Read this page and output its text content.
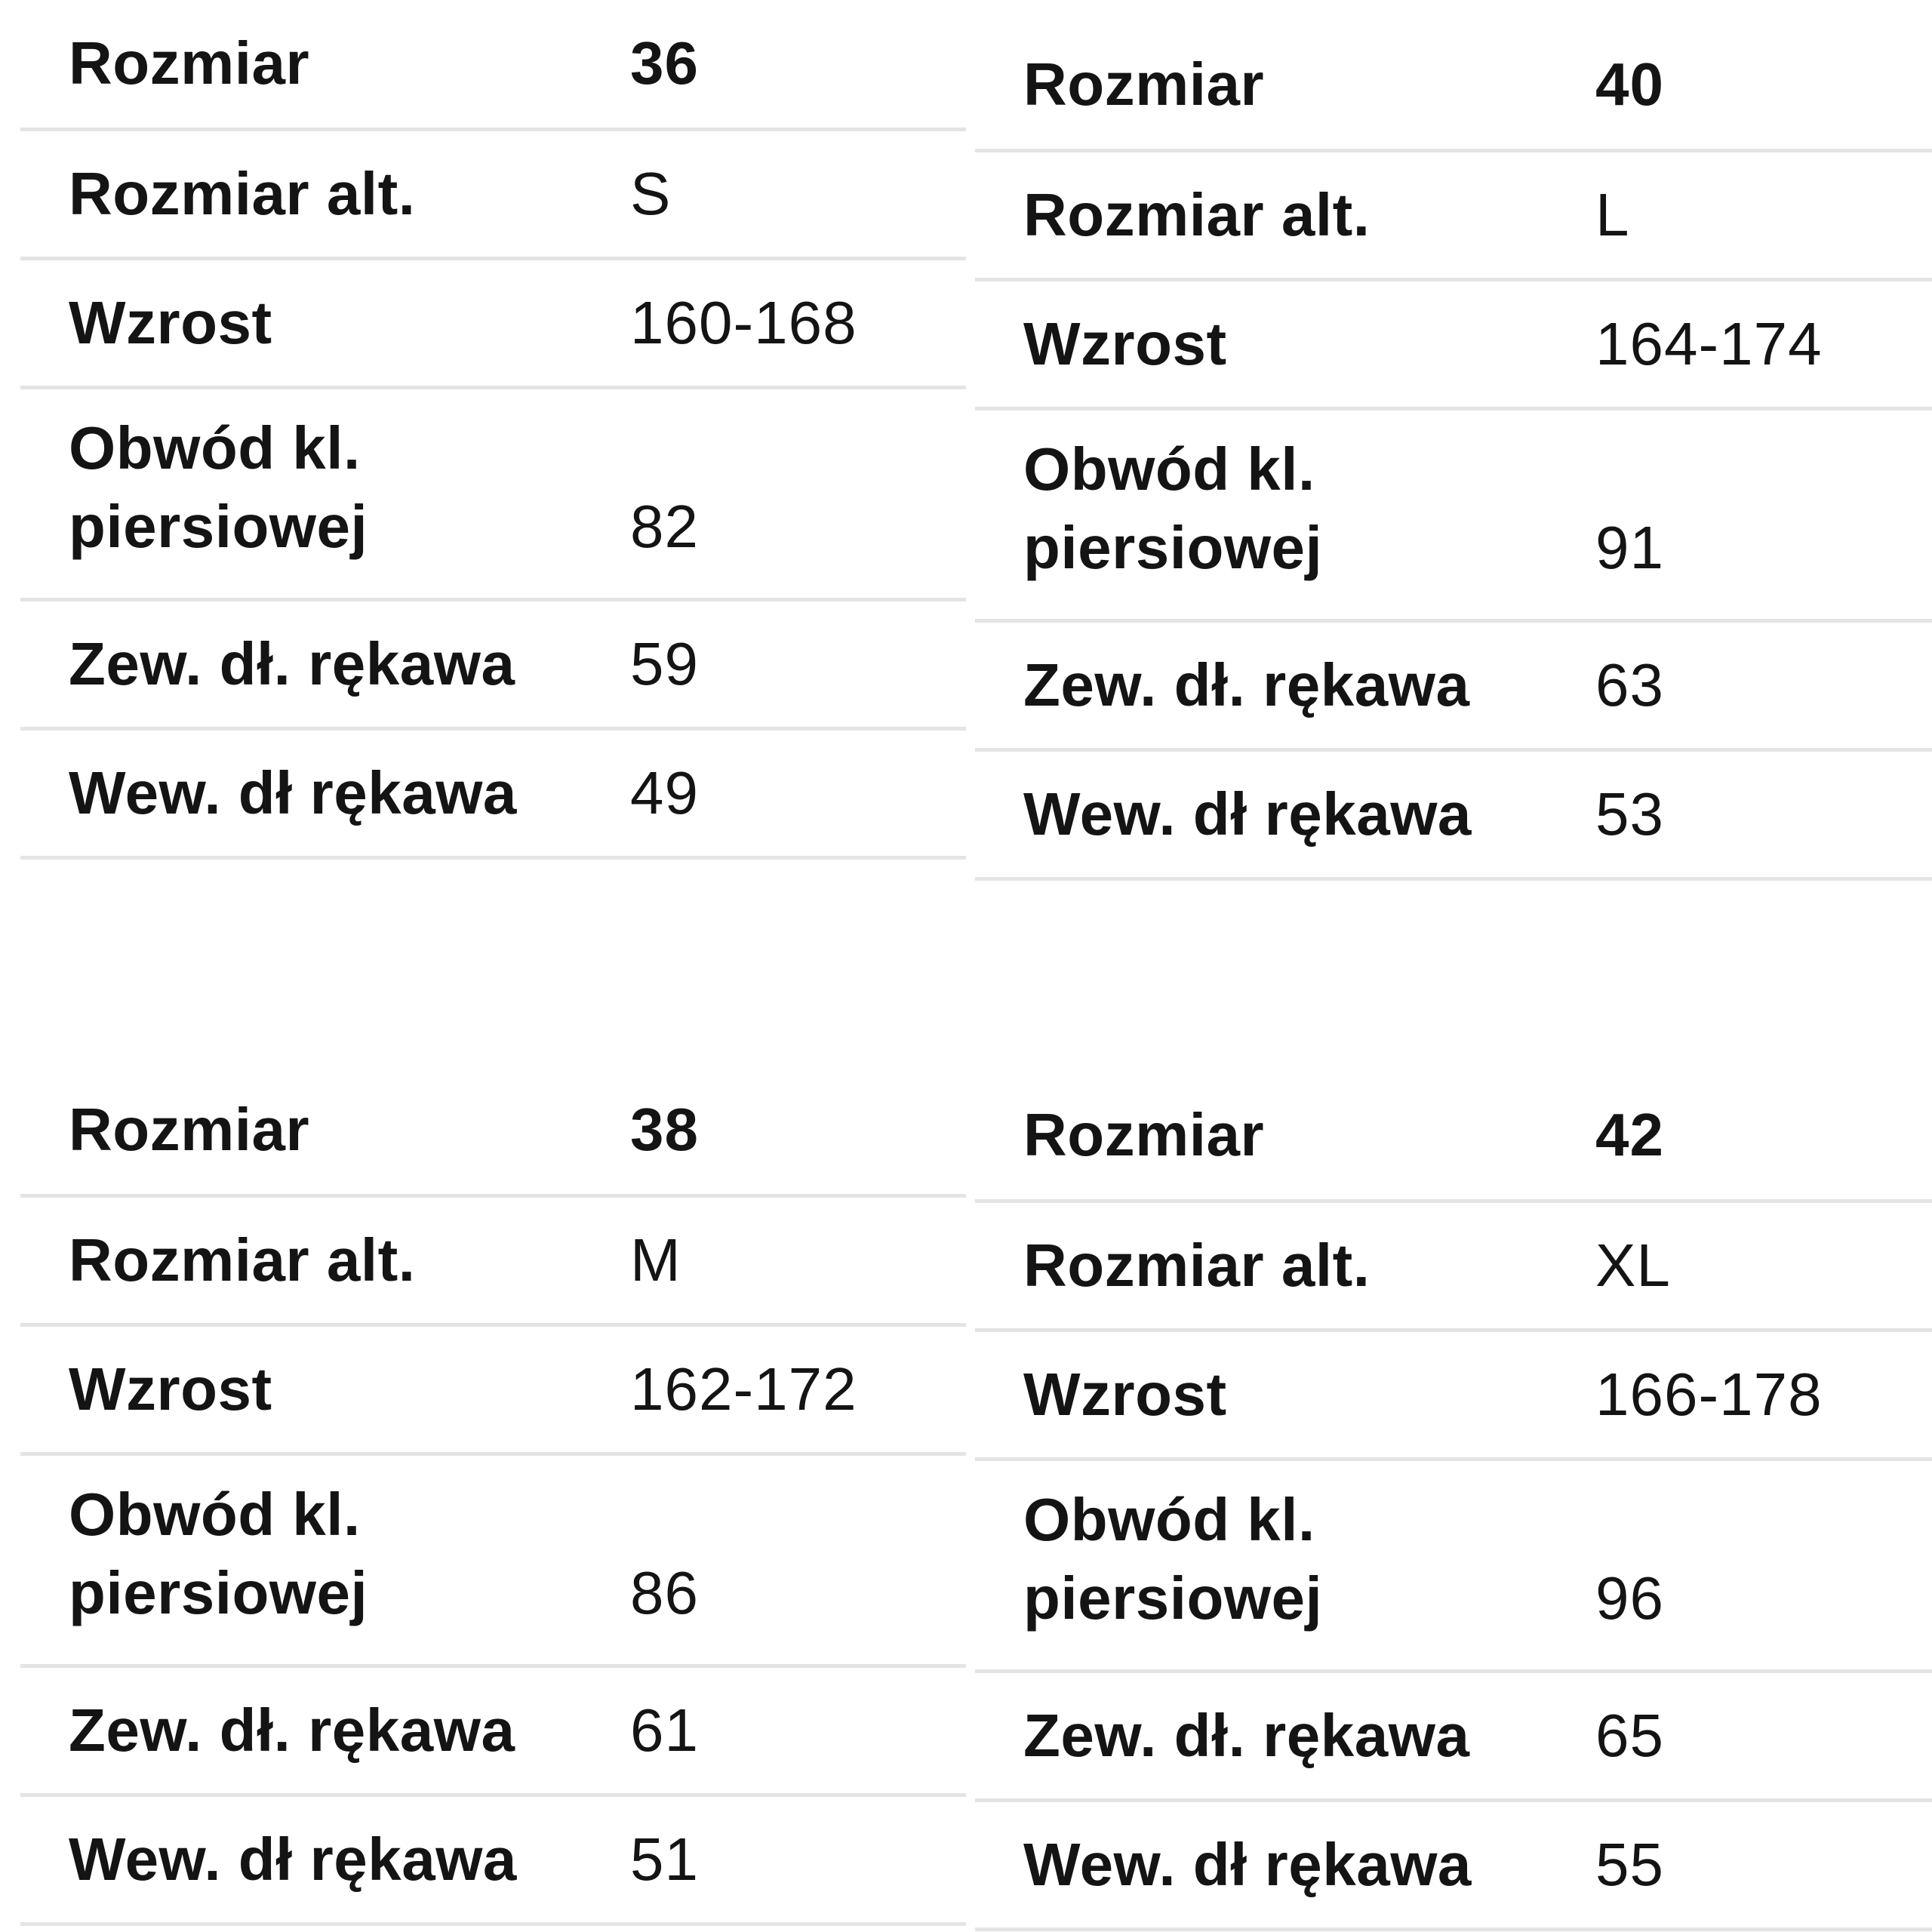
Rozmiar	36
Rozmiar alt.	S
Wzrost	160-168
Obwód kl.
piersiowej	82
Zew. dł. rękawa	59
Wew. dł rękawa	49
Rozmiar	40
Rozmiar alt.	L
Wzrost	164-174
Obwód kl.
piersiowej	91
Zew. dł. rękawa	63
Wew. dł rękawa	53
Rozmiar	38
Rozmiar alt.	M
Wzrost	162-172
Obwód kl.
piersiowej	86
Zew. dł. rękawa	61
Wew. dł rękawa	51
Rozmiar	42
Rozmiar alt.	XL
Wzrost	166-178
Obwód kl.
piersiowej	96
Zew. dł. rękawa	65
Wew. dł rękawa	55
